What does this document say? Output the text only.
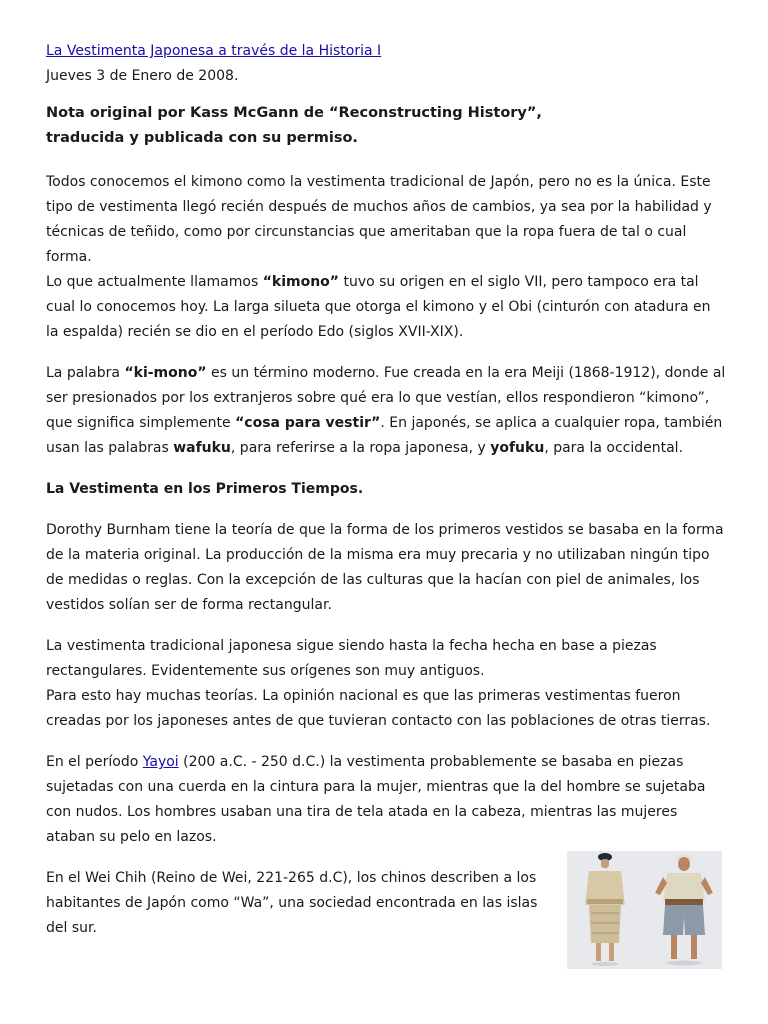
La Vestimenta Japonesa a través de la Historia I

Jueves 3 de Enero de 2008.

Nota original por Kass McGann de “Reconstructing History”,
traducida y publicada con su permiso.

Todos conocemos el kimono como la vestimenta tradicional de Japón, pero no es la única. Este tipo de vestimenta llegó recién después de muchos años de cambios, ya sea por la habilidad y técnicas de teñido, como por circunstancias que ameritaban que la ropa fuera de tal o cual forma.
Lo que actualmente llamamos “kimono” tuvo su origen en el siglo VII, pero tampoco era tal cual lo conocemos hoy. La larga silueta que otorga el kimono y el Obi (cinturón con atadura en la espalda) recién se dio en el período Edo (siglos XVII-XIX).

La palabra “ki-mono” es un término moderno. Fue creada en la era Meiji (1868-1912), donde al ser presionados por los extranjeros sobre qué era lo que vestían, ellos respondieron “kimono”, que significa simplemente “cosa para vestir”. En japonés, se aplica a cualquier ropa, también usan las palabras wafuku, para referirse a la ropa japonesa, y yofuku, para la occidental.

La Vestimenta en los Primeros Tiempos.

Dorothy Burnham tiene la teoría de que la forma de los primeros vestidos se basaba en la forma de la materia original. La producción de la misma era muy precaria y no utilizaban ningún tipo de medidas o reglas. Con la excepción de las culturas que la hacían con piel de animales, los vestidos solían ser de forma rectangular.

La vestimenta tradicional japonesa sigue siendo hasta la fecha hecha en base a piezas rectangulares. Evidentemente sus orígenes son muy antiguos.
Para esto hay muchas teorías. La opinión nacional es que las primeras vestimentas fueron creadas por los japoneses antes de que tuvieran contacto con las poblaciones de otras tierras.

En el período Yayoi (200 a.C. - 250 d.C.) la vestimenta probablemente se basaba en piezas sujetadas con una cuerda en la cintura para la mujer, mientras que la del hombre se sujetaba con nudos. Los hombres usaban una tira de tela atada en la cabeza, mientras las mujeres ataban su pelo en lazos.

En el Wei Chih (Reino de Wei, 221-265 d.C), los chinos describen a los habitantes de Japón como “Wa”, una sociedad encontrada en las islas del sur.
